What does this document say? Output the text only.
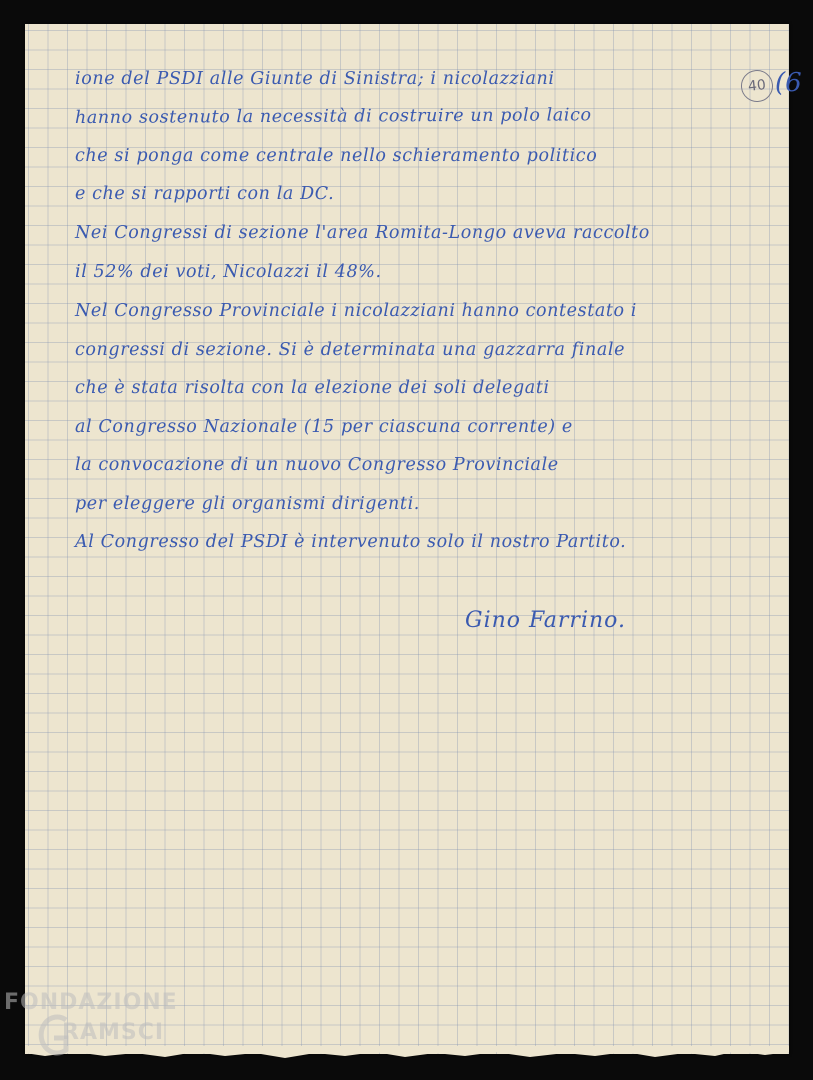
ione del PSDI alle Giunte di Sinistra; i nicolazziani

hanno sostenuto la necessità di costruire un polo laico

che si ponga come centrale nello schieramento politico

e che si rapporti con la DC.

Nei Congressi di sezione l'area Romita-Longo aveva raccolto

il 52% dei voti, Nicolazzi il 48%.

Nel Congresso Provinciale i nicolazziani hanno contestato i

congressi di sezione. Si è determinata una gazzarra finale

che è stata risolta con la elezione dei soli delegati

al Congresso Nazionale (15 per ciascuna corrente) e

la convocazione di un nuovo Congresso Provinciale

per eleggere gli organismi dirigenti.

Al Congresso del PSDI è intervenuto solo il nostro Partito.

Gino Farrino.

40 (6

FONDAZIONE
RAMSCI
